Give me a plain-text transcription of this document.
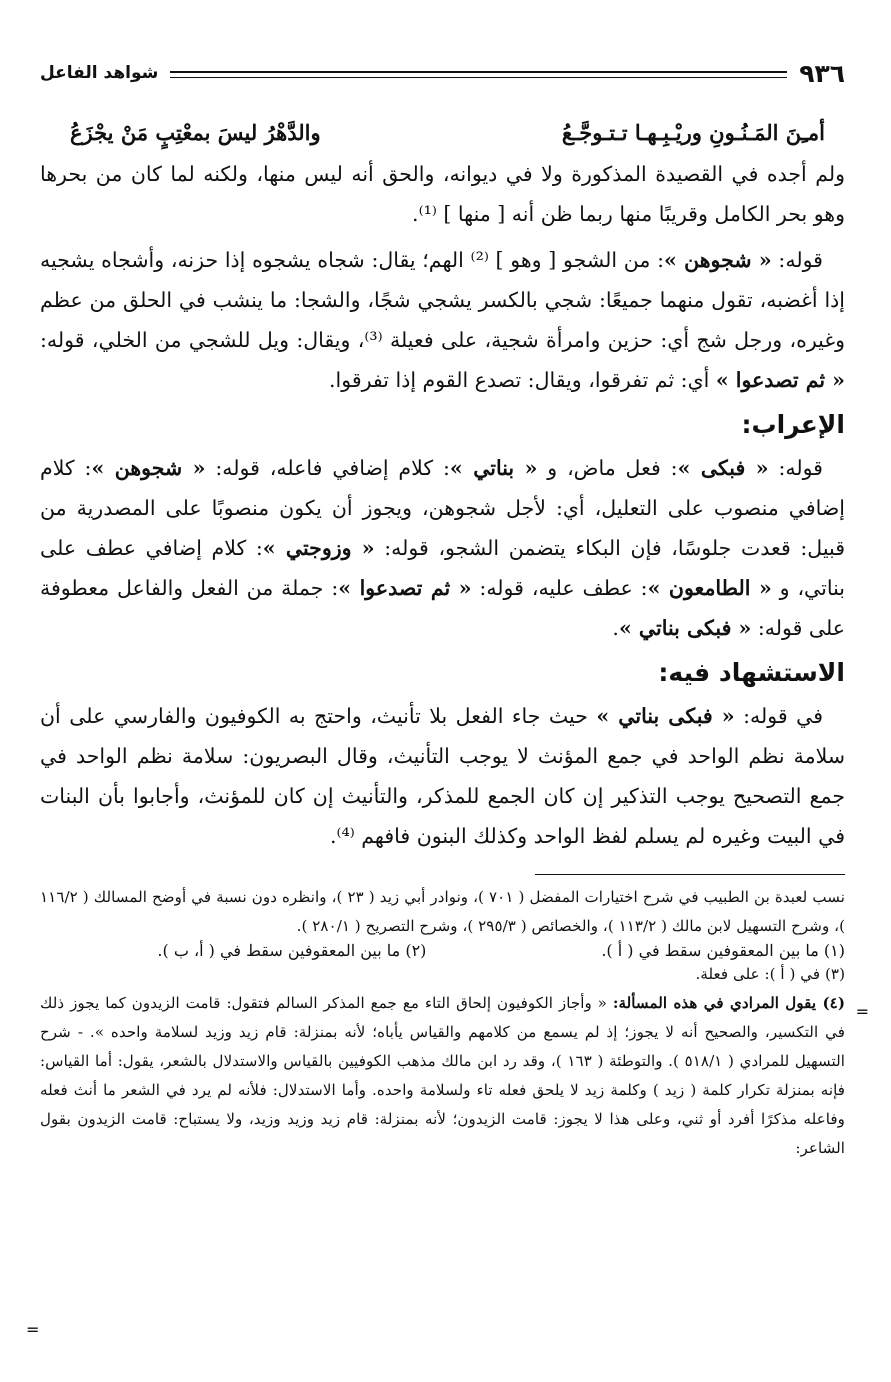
٩٣٦
شواهد الفاعل
أمـِنَ المَـنُـونِ وريْـبِـهـا تـتـوجَّـعُ
والدَّهْرُ ليسَ بمعْتِبٍ مَنْ يجْزَعُ

ولم أجده في القصيدة المذكورة ولا في ديوانه، والحق أنه ليس منها، ولكنه لما كان من بحرها وهو بحر الكامل وقريبًا منها ربما ظن أنه [ منها ] ⁽¹⁾.

قوله: « شجوهن »: من الشجو [ وهو ] ⁽²⁾ الهم؛ يقال: شجاه يشجوه إذا حزنه، وأشجاه يشجيه إذا أغضبه، تقول منهما جميعًا: شجي بالكسر يشجي شجًا، والشجا: ما ينشب في الحلق من عظم وغيره، ورجل شج أي: حزين وامرأة شجية، على فعيلة ⁽³⁾، ويقال: ويل للشجي من الخلي، قوله: « ثم تصدعوا » أي: ثم تفرقوا، ويقال: تصدع القوم إذا تفرقوا.

الإعراب:

قوله: « فبكى »: فعل ماض، و « بناتي »: كلام إضافي فاعله، قوله: « شجوهن »: كلام إضافي منصوب على التعليل، أي: لأجل شجوهن، ويجوز أن يكون منصوبًا على المصدرية من قبيل: قعدت جلوسًا، فإن البكاء يتضمن الشجو، قوله: « وزوجتي »: كلام إضافي عطف على بناتي، و « الطامعون »: عطف عليه، قوله: « ثم تصدعوا »: جملة من الفعل والفاعل معطوفة على قوله: « فبكى بناتي ».

الاستشهاد فيه:

في قوله: « فبكى بناتي » حيث جاء الفعل بلا تأنيث، واحتج به الكوفيون والفارسي على أن سلامة نظم الواحد في جمع المؤنث لا يوجب التأنيث، وقال البصريون: سلامة نظم الواحد في جمع التصحيح يوجب التذكير إن كان الجمع للمذكر، والتأنيث إن كان للمؤنث، وأجابوا بأن البنات في البيت وغيره لم يسلم لفظ الواحد وكذلك البنون فافهم ⁽⁴⁾.

=

نسب لعبدة بن الطبيب في شرح اختيارات المفضل ( ٧٠١ )، ونوادر أبي زيد ( ٢٣ )، وانظره دون نسبة في أوضح المسالك ( ١١٦/٢ )، وشرح التسهيل لابن مالك ( ١١٣/٢ )، والخصائص ( ٢٩٥/٣ )، وشرح التصريح ( ٢٨٠/١ ).

(١) ما بين المعقوفين سقط في ( أ ).
(٢) ما بين المعقوفين سقط في ( أ، ب ).

(٣) في ( أ ): على فعلة.

(٤) يقول المرادي في هذه المسألة: « وأجاز الكوفيون إلحاق التاء مع جمع المذكر السالم فتقول: قامت الزيدون كما يجوز ذلك في التكسير، والصحيح أنه لا يجوز؛ إذ لم يسمع من كلامهم والقياس يأباه؛ لأنه بمنزلة: قام زيد وزيد لسلامة واحده ». - شرح التسهيل للمرادي ( ٥١٨/١ ). والتوطئة ( ١٦٣ )، وقد رد ابن مالك مذهب الكوفيين بالقياس والاستدلال بالشعر، يقول: أما القياس: فإنه بمنزلة تكرار كلمة ( زيد ) وكلمة زيد لا يلحق فعله تاء ولسلامة واحده. وأما الاستدلال: فلأنه لم يرد في الشعر ما أنث فعله وفاعله مذكرًا أفرد أو ثني، وعلى هذا لا يجوز: قامت الزيدون؛ لأنه بمنزلة: قام زيد وزيد وزيد، ولا يستباح: قامت الزيدون بقول الشاعر:

=
